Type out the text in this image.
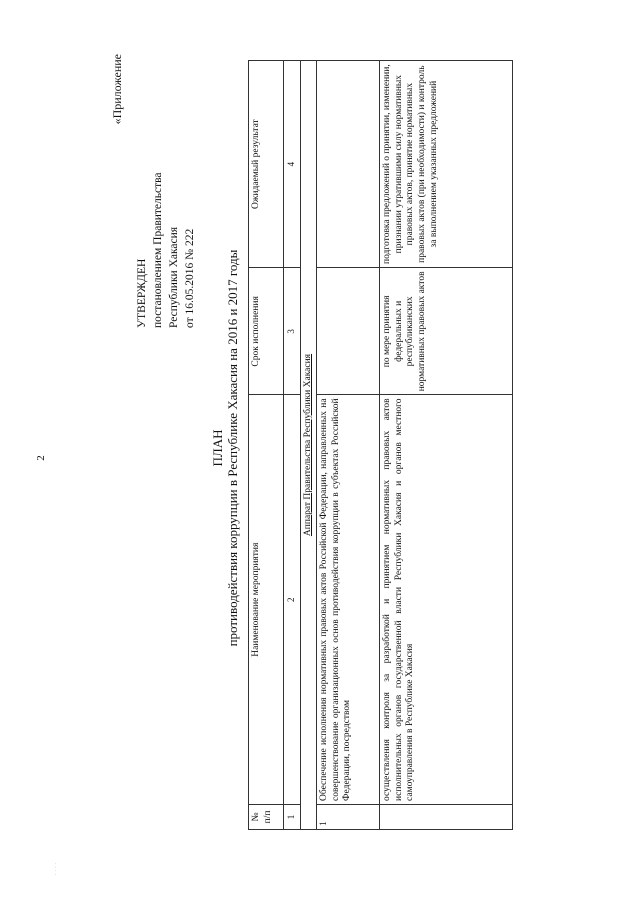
2
· · · ·
«Приложение
УТВЕРЖДЕН постановлением Правительства Республики Хакасия от 16.05.2016 № 222
ПЛАН противодействия коррупции в Республике Хакасия на 2016 и 2017 годы
№ п/п	Наименование мероприятия	Срок исполнения	Ожидаемый результат
1	2	3	4
Аппарат Правительства Республики Хакасия			
1	Обеспечение исполнения нормативных правовых актов Российской Федерации, направленных на совершенствование организационных основ противодействия коррупции в субъектах Российской Федерации, посредством		
	осуществления контроля за разработкой и принятием нормативных правовых актов исполнительных органов государственной власти Республики Хакасия и органов местного самоуправления в Республике Хакасия	по мере принятия федеральных и республиканских нормативных правовых актов	подготовка предложений о принятии, изменении, признании утратившими силу нормативных правовых актов, принятие нормативных правовых актов (при необходимости) и контроль за выполнением указанных предложений
